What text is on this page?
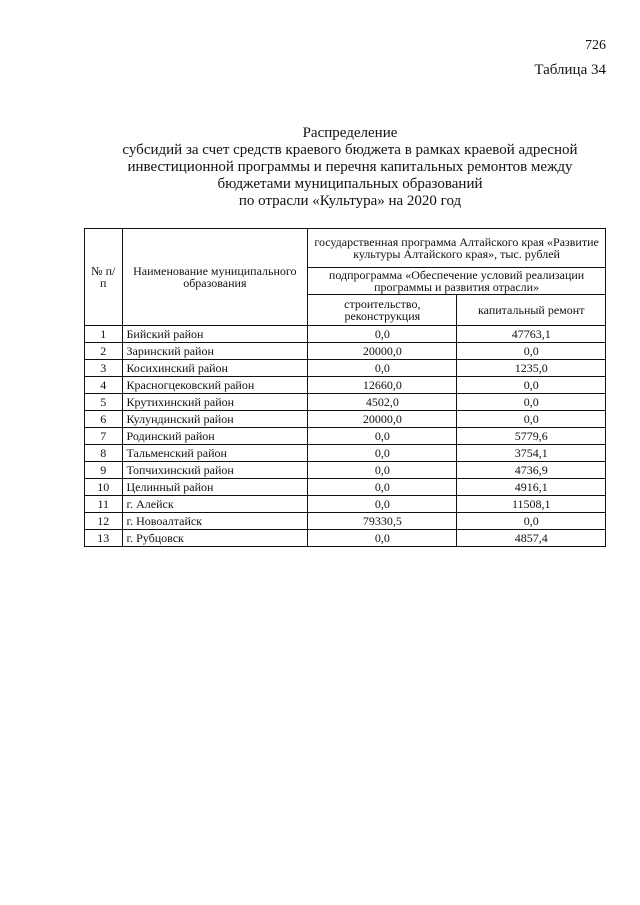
726
Таблица 34
Распределение
субсидий за счет средств краевого бюджета в рамках краевой адресной
инвестиционной программы и перечня капитальных ремонтов между
бюджетами муниципальных образований
по отрасли «Культура» на 2020 год
№ п/п	Наименование муниципального образования	государственная программа Алтайского края «Развитие культуры Алтайского края», тыс. рублей	
		подпрограмма «Обеспечение условий реализации программы и развития отрасли»	
		строительство, реконструкция	капитальный ремонт
1	Бийский район	0,0	47763,1
2	Заринский район	20000,0	0,0
3	Косихинский район	0,0	1235,0
4	Красногцековский район	12660,0	0,0
5	Крутихинский район	4502,0	0,0
6	Кулундинский район	20000,0	0,0
7	Родинский район	0,0	5779,6
8	Тальменский район	0,0	3754,1
9	Топчихинский район	0,0	4736,9
10	Целинный район	0,0	4916,1
11	г. Алейск	0,0	11508,1
12	г. Новоалтайск	79330,5	0,0
13	г. Рубцовск	0,0	4857,4
